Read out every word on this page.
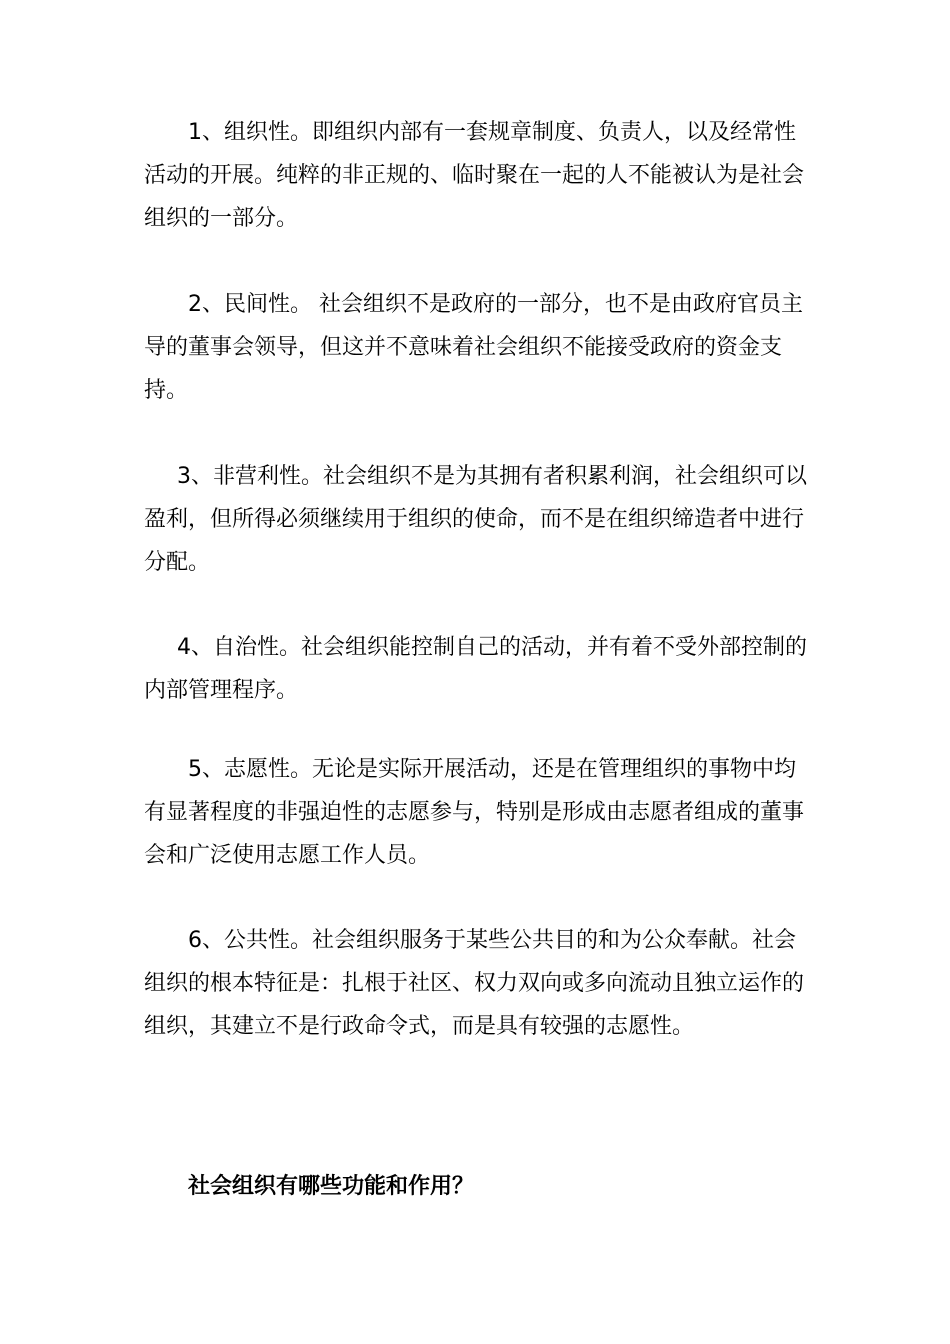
1、组织性。即组织内部有一套规章制度、负责人，以及经常性活动的开展。纯粹的非正规的、临时聚在一起的人不能被认为是社会组织的一部分。

2、民间性。 社会组织不是政府的一部分，也不是由政府官员主导的董事会领导，但这并不意味着社会组织不能接受政府的资金支持。

3、非营利性。社会组织不是为其拥有者积累利润，社会组织可以盈利，但所得必须继续用于组织的使命，而不是在组织缔造者中进行分配。

4、自治性。社会组织能控制自己的活动，并有着不受外部控制的内部管理程序。

5、志愿性。无论是实际开展活动，还是在管理组织的事物中均有显著程度的非强迫性的志愿参与，特别是形成由志愿者组成的董事会和广泛使用志愿工作人员。

6、公共性。社会组织服务于某些公共目的和为公众奉献。社会组织的根本特征是：扎根于社区、权力双向或多向流动且独立运作的组织，其建立不是行政命令式，而是具有较强的志愿性。

社会组织有哪些功能和作用？
